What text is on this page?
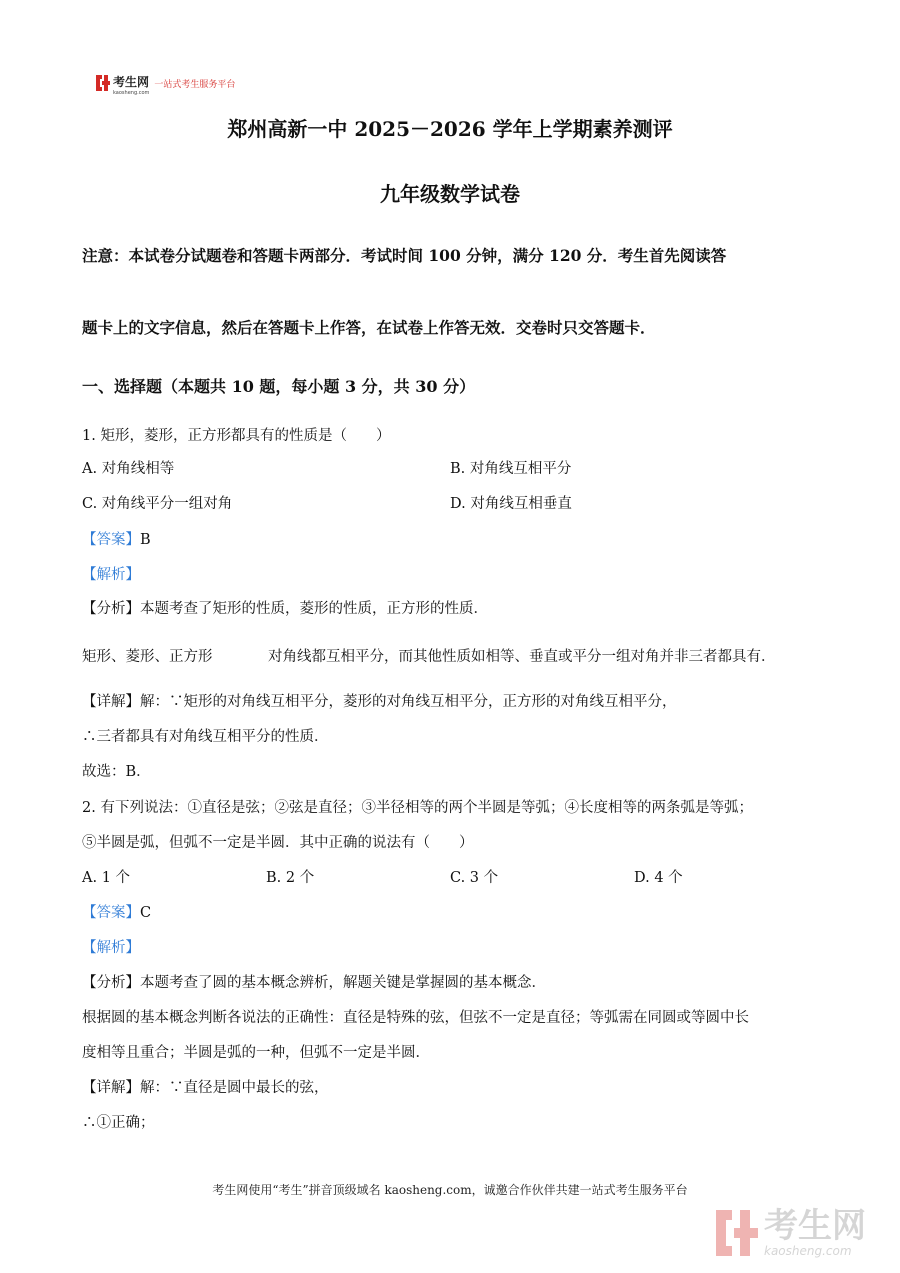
考生网
kaosheng.com
一站式考生服务平台
郑州高新一中 2025－2026 学年上学期素养测评
九年级数学试卷
注意：本试卷分试题卷和答题卡两部分．考试时间 100 分钟，满分 120 分．考生首先阅读答
题卡上的文字信息，然后在答题卡上作答，在试卷上作答无效．交卷时只交答题卡．
一、选择题（本题共 10 题，每小题 3 分，共 30 分）
1. 矩形，菱形，正方形都具有的性质是（　　）
A. 对角线相等	B. 对角线互相平分
C. 对角线平分一组对角	D. 对角线互相垂直
【答案】B
【解析】
【分析】本题考查了矩形的性质，菱形的性质，正方形的性质．
矩形、菱形、正方形	对角线都互相平分，而其他性质如相等、垂直或平分一组对角并非三者都具有．
【详解】解：∵矩形的对角线互相平分，菱形的对角线互相平分，正方形的对角线互相平分，
∴三者都具有对角线互相平分的性质．
故选：B．
2. 有下列说法：①直径是弦；②弦是直径；③半径相等的两个半圆是等弧；④长度相等的两条弧是等弧；
⑤半圆是弧，但弧不一定是半圆．其中正确的说法有（　　）
A. 1 个	B. 2 个	C. 3 个	D. 4 个
【答案】C
【解析】
【分析】本题考查了圆的基本概念辨析，解题关键是掌握圆的基本概念．
根据圆的基本概念判断各说法的正确性：直径是特殊的弦，但弦不一定是直径；等弧需在同圆或等圆中长
度相等且重合；半圆是弧的一种，但弧不一定是半圆．
【详解】解：∵直径是圆中最长的弦，
∴①正确；
考生网使用“考生”拼音顶级域名 kaosheng.com，诚邀合作伙伴共建一站式考生服务平台
考生网
kaosheng.com
